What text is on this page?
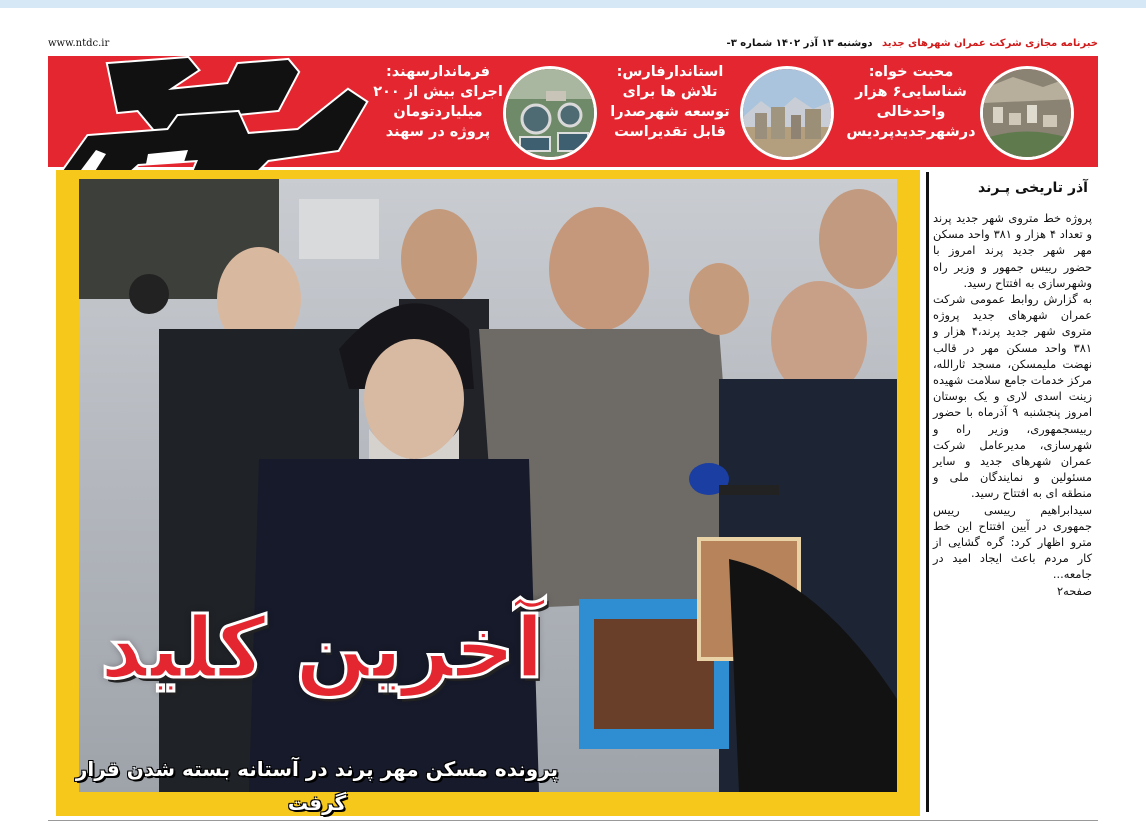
خبرنامه مجازی شرکت عمران شهرهای جدید دوشنبه ۱۳ آذر ۱۴۰۲ شماره ۳-
www.ntdc.ir
فرماندارسهند:
اجرای بیش از ۲۰۰
میلیاردتومان
پروژه در سهند
استاندارفارس:
تلاش ها برای
توسعه شهرصدرا
قابل تقدیراست
محبت خواه:
شناسایی۶ هزار
واحدخالی
درشهرجدیدپردیس
آخرین کلید
پرونده مسکن مهر پرند در آستانه بسته شدن قرار گرفت
آذر تاریخی پـرند
پروژه خط متروی شهر جدید پرند و تعداد ۴ هزار و ۳۸۱ واحد مسکن مهر شهر جدید پرند امروز با حضور رییس جمهور و وزیر راه وشهرسازی به افتتاح رسید.
به گزارش روابط عمومی شرکت عمران شهرهای جدید پروژه متروی شهر جدید پرند،۴ هزار و ۳۸۱ واحد مسکن مهر در قالب نهضت ملیمسکن، مسجد ثارالله، مرکز خدمات جامع سلامت شهیده زینت اسدی لاری و یک بوستان امروز پنجشنبه ۹ آذرماه با حضور رییسجمهوری، وزیر راه و شهرسازی، مدیرعامل شرکت عمران شهرهای جدید و سایر مسئولین و نمایندگان ملی و منطقه ای به افتتاح رسید.
سیدابراهیم رییسی رییس جمهوری در آیین افتتاح این خط مترو اظهار کرد: گره گشایی از کار مردم باعث ایجاد امید در جامعه...
صفحه۲
